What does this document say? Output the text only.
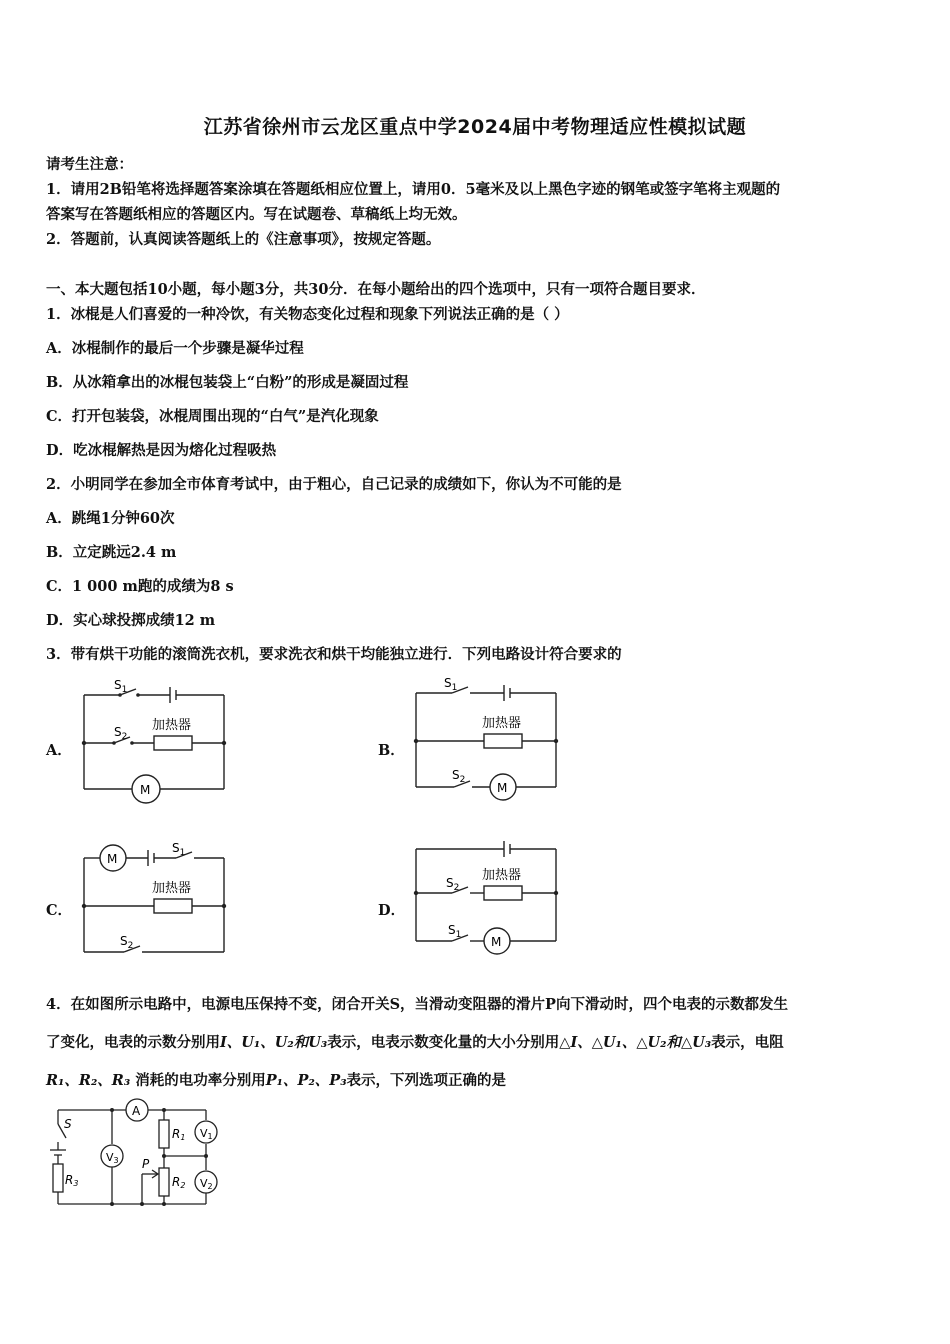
江苏省徐州市云龙区重点中学2024届中考物理适应性模拟试题
请考生注意：
1．请用2B铅笔将选择题答案涂填在答题纸相应位置上，请用0．5毫米及以上黑色字迹的钢笔或签字笔将主观题的
答案写在答题纸相应的答题区内。写在试题卷、草稿纸上均无效。
2．答题前，认真阅读答题纸上的《注意事项》，按规定答题。
一、本大题包括10小题，每小题3分，共30分．在每小题给出的四个选项中，只有一项符合题目要求．
1．冰棍是人们喜爱的一种冷饮，有关物态变化过程和现象下列说法正确的是（ ）
A．冰棍制作的最后一个步骤是凝华过程
B．从冰箱拿出的冰棍包装袋上“白粉”的形成是凝固过程
C．打开包装袋，冰棍周围出现的“白气”是汽化现象
D．吃冰棍解热是因为熔化过程吸热
2．小明同学在参加全市体育考试中，由于粗心，自己记录的成绩如下，你认为不可能的是
A．跳绳1分钟60次
B．立定跳远2.4 m
C．1 000 m跑的成绩为8 s
D．实心球投掷成绩12 m
3．带有烘干功能的滚筒洗衣机，要求洗衣和烘干均能独立进行．下列电路设计符合要求的
A．	B．
C．	D．
$S_1$
$S_2$
加热器
M
$S_1$
$S_2$
加热器
M
M
$S_1$
$S_2$
加热器	$S_2$
$S_1$
加热器
M
4．在如图所示电路中，电源电压保持不变，闭合开关S，当滑动变阻器的滑片P向下滑动时，四个电表的示数都发生
了变化，电表的示数分别用I、U₁、U₂和U₃表示，电表示数变化量的大小分别用△I、△U₁、△U₂和△U₃表示，电阻
R₁、R₂、R₃ 消耗的电功率分别用P₁、P₂、P₃表示，下列选项正确的是
S
A
V3
V1
V2
R1
R2
R3
P
